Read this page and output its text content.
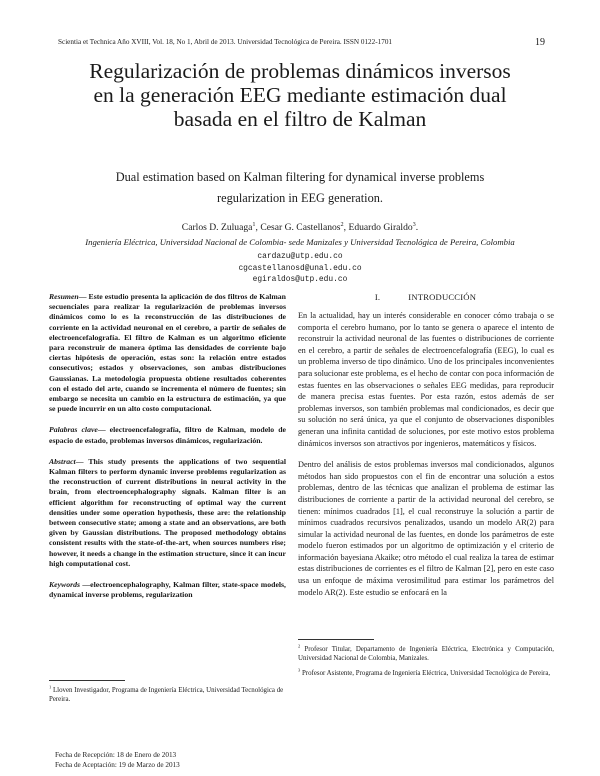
Scientia et Technica Año XVIII, Vol. 18, No 1, Abril de 2013. Universidad Tecnológica de Pereira. ISSN 0122-1701	19
Regularización de problemas dinámicos inversos
en la generación EEG mediante estimación dual
basada en el filtro de Kalman
Dual estimation based on Kalman filtering for dynamical inverse problems
regularization in EEG generation.
Carlos D. Zuluaga$^1$, Cesar G. Castellanos$^2$, Eduardo Giraldo$^3$.
Ingeniería Eléctrica, Universidad Nacional de Colombia- sede Manizales y Universidad Tecnológica de Pereira, Colombia
cardazu@utp.edu.co
cgcastellanosd@unal.edu.co
egiraldos@utp.edu.co

Resumen— Este estudio presenta la aplicación de dos filtros de Kalman secuenciales para realizar la regularización de problemas inversos dinámicos como lo es la reconstrucción de las distribuciones de corriente en la actividad neuronal en el cerebro, a partir de señales de electroencefalografía. El filtro de Kalman es un algoritmo eficiente para reconstruir de manera óptima las densidades de corriente bajo ciertas hipótesis de operación, estas son: la relación entre estados consecutivos; estados y observaciones, son ambas distribuciones Gaussianas. La metodología propuesta obtiene resultados coherentes con el estado del arte, cuando se incrementa el número de fuentes; sin embargo se necesita un cambio en la estructura de estimación, ya que se puede incurrir en un alto costo computacional.

Palabras clave— electroencefalografía, filtro de Kalman, modelo de espacio de estado, problemas inversos dinámicos, regularización.

Abstract— This study presents the applications of two sequential Kalman filters to perform dynamic inverse problems regularization as the reconstruction of current distributions in neural activity in the brain, from electroencephalography signals. Kalman filter is an efficient algorithm for reconstructing of optimal way the current densities under some operation hypothesis, these are: the relationship between consecutive state; among a state and an observations, are both given by Gaussian distributions. The proposed methodology obtains consistent results with the state-of-the-art, when sources numbers rise; however, it needs a change in the estimation structure, since it can incur high computational cost.

Keywords —electroencephalography, Kalman filter, state-space models, dynamical inverse problems, regularization

$^1$ Lloven Investigador, Programa de Ingeniería Eléctrica, Universidad Tecnológica de Pereira.
Fecha de Recepción: 18 de Enero de 2013
Fecha de Aceptación: 19 de Marzo de 2013
I.	INTRODUCCIÓN

En la actualidad, hay un interés considerable en conocer cómo trabaja o se comporta el cerebro humano, por lo tanto se genera o aparece el intento de reconstruir la actividad neuronal de las fuentes o distribuciones de corriente en el cerebro, a partir de señales de electroencefalografía (EEG), lo cual es un problema inverso de tipo dinámico. Uno de los principales inconvenientes para solucionar este problema, es el hecho de contar con poca información de estas fuentes en las observaciones o señales EEG medidas, para reproducir de manera precisa estas fuentes. Por esta razón, estos además de ser problemas inversos, son también problemas mal condicionados, es decir que su solución no será única, ya que el conjunto de observaciones disponibles generan una infinita cantidad de soluciones, por este motivo estos problema dinámicos inversos son atractivos por ingenieros, matemáticos y físicos.

Dentro del análisis de estos problemas inversos mal condicionados, algunos métodos han sido propuestos con el fin de encontrar una solución a estos problemas, dentro de las técnicas que analizan el problema de estimar las distribuciones de corriente a partir de la actividad neuronal del cerebro, se tienen: mínimos cuadrados [1], el cual reconstruye la solución a partir de mínimos cuadrados recursivos penalizados, usando un modelo AR(2) para simular la actividad neuronal de las fuentes, en donde los parámetros de este modelo fueron estimados por un algoritmo de optimización y el criterio de información bayesiana Akaike; otro método el cual realiza la tarea de estimar estas distribuciones de corrientes es el filtro de Kalman [2], pero en este caso usa un enfoque de máxima verosimilitud para estimar los parámetros del modelo AR(2). Este estudio se enfocará en la

$^2$ Profesor Titular, Departamento de Ingeniería Eléctrica, Electrónica y Computación, Universidad Nacional de Colombia, Manizales.

$^3$ Profesor Asistente, Programa de Ingeniería Eléctrica, Universidad Tecnológica de Pereira,
